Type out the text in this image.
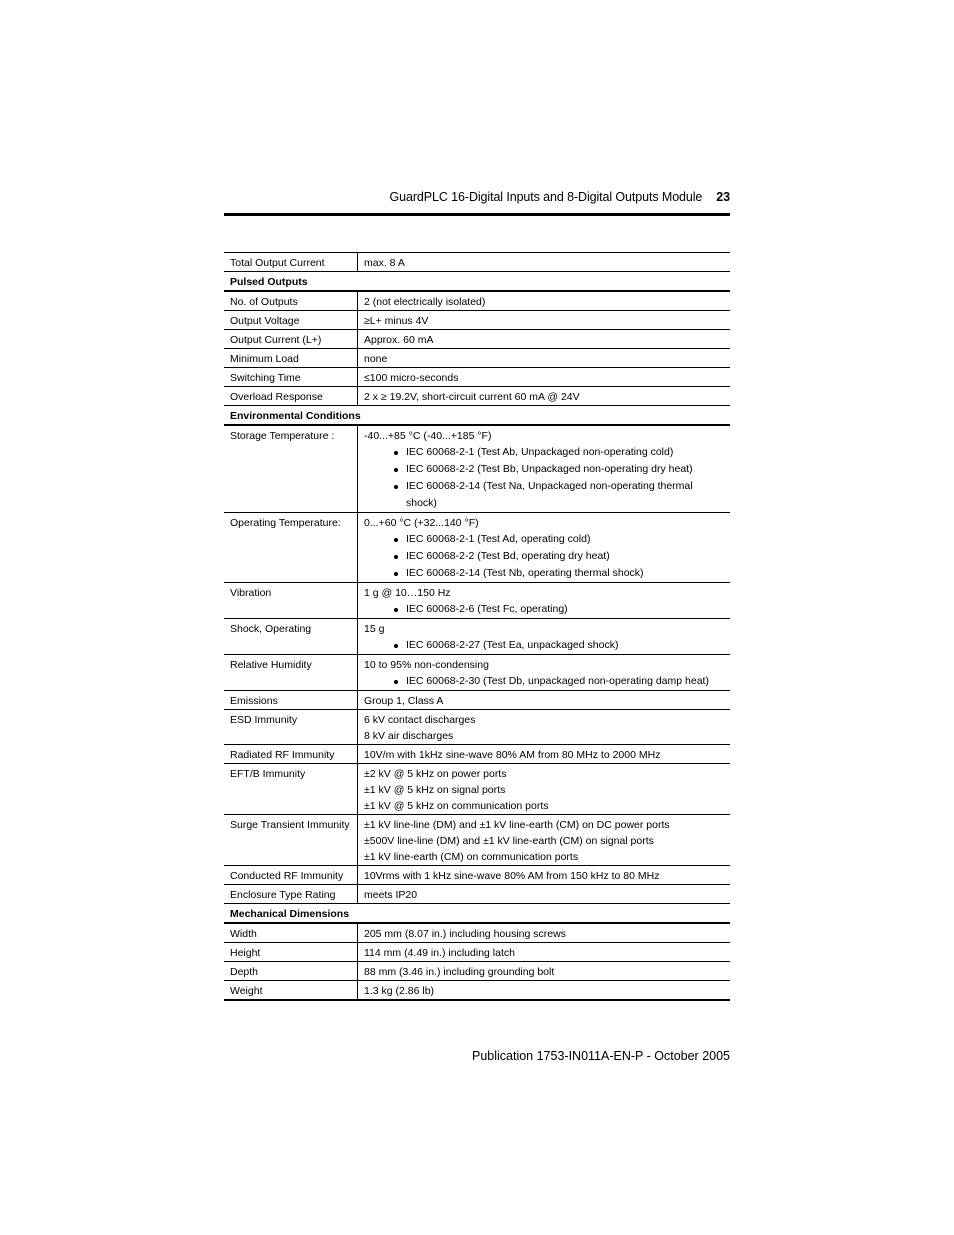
GuardPLC 16-Digital Inputs and 8-Digital Outputs Module 23
Total Output Current	max. 8 A
Pulsed Outputs
No. of Outputs	2 (not electrically isolated)
Output Voltage	≥L+ minus 4V
Output Current (L+)	Approx. 60 mA
Minimum Load	none
Switching Time	≤100 micro-seconds
Overload Response	2 x ≥ 19.2V, short-circuit current 60 mA @ 24V
Environmental Conditions
Storage Temperature :	-40...+85 °C (-40...+185 °F)
IEC 60068-2-1 (Test Ab, Unpackaged non-operating cold)
IEC 60068-2-2 (Test Bb, Unpackaged non-operating dry heat)
IEC 60068-2-14 (Test Na, Unpackaged non-operating thermal shock)
Operating Temperature:	0...+60 °C (+32...140 °F)
IEC 60068-2-1 (Test Ad, operating cold)
IEC 60068-2-2 (Test Bd, operating dry heat)
IEC 60068-2-14 (Test Nb, operating thermal shock)
Vibration	1 g @ 10…150 Hz
IEC 60068-2-6 (Test Fc, operating)
Shock, Operating	15 g
IEC 60068-2-27 (Test Ea, unpackaged shock)
Relative Humidity	10 to 95% non-condensing
IEC 60068-2-30 (Test Db, unpackaged non-operating damp heat)
Emissions	Group 1, Class A
ESD Immunity	6 kV contact discharges
8 kV air discharges
Radiated RF Immunity	10V/m with 1kHz sine-wave 80% AM from 80 MHz to 2000 MHz
EFT/B Immunity	±2 kV @ 5 kHz on power ports
±1 kV @ 5 kHz on signal ports
±1 kV @ 5 kHz on communication ports
Surge Transient Immunity	±1 kV line-line (DM) and ±1 kV line-earth (CM) on DC power ports
±500V line-line (DM) and ±1 kV line-earth (CM) on signal ports
±1 kV line-earth (CM) on communication ports
Conducted RF Immunity	10Vrms with 1 kHz sine-wave 80% AM from 150 kHz to 80 MHz
Enclosure Type Rating	meets IP20
Mechanical Dimensions
Width	205 mm (8.07 in.) including housing screws
Height	114 mm (4.49 in.) including latch
Depth	88 mm (3.46 in.) including grounding bolt
Weight	1.3 kg (2.86 lb)
Publication 1753-IN011A-EN-P - October 2005
